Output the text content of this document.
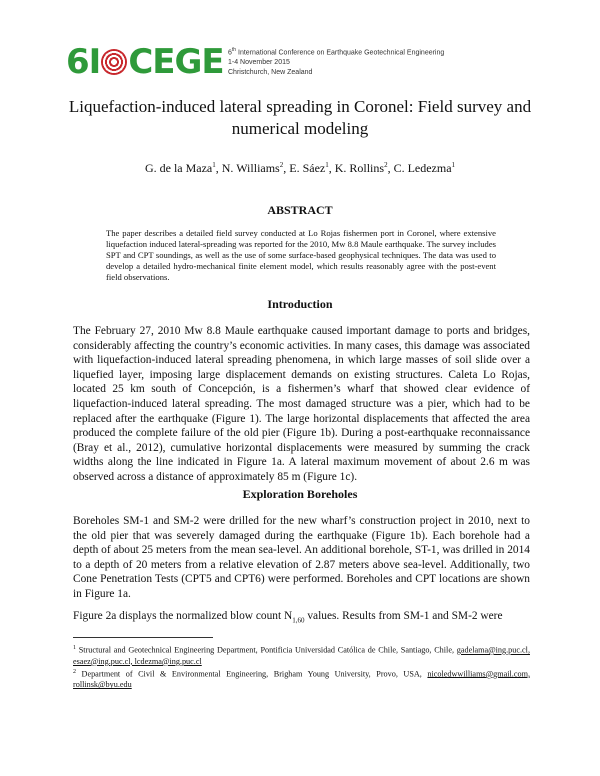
6 I CEGE 6th International Conference on Earthquake Geotechnical Engineering
1-4 November 2015
Christchurch, New Zealand
Liquefaction-induced lateral spreading in Coronel: Field survey and numerical modeling
G. de la Maza$^1$, N. Williams$^2$, E. Sáez$^1$, K. Rollins$^2$, C. Ledezma$^1$
ABSTRACT
The paper describes a detailed field survey conducted at Lo Rojas fishermen port in Coronel, where extensive liquefaction induced lateral-spreading was reported for the 2010, Mw 8.8 Maule earthquake. The survey includes SPT and CPT soundings, as well as the use of some surface-based geophysical techniques. The data was used to develop a detailed hydro-mechanical finite element model, which results reasonably agree with the post-event field observations.
Introduction

The February 27, 2010 Mw 8.8 Maule earthquake caused important damage to ports and bridges, considerably affecting the country’s economic activities. In many cases, this damage was associated with liquefaction-induced lateral spreading phenomena, in which large masses of soil slide over a liquefied layer, imposing large displacement demands on existing structures. Caleta Lo Rojas, located 25 km south of Concepción, is a fishermen’s wharf that showed clear evidence of liquefaction-induced lateral spreading. The most damaged structure was a pier, which had to be replaced after the earthquake (Figure 1). The large horizontal displacements that affected the area produced the complete failure of the old pier (Figure 1b). During a post-earthquake reconnaissance (Bray et al., 2012), cumulative horizontal displacements were measured by summing the crack widths along the line indicated in Figure 1a. A lateral maximum movement of about 2.6 m was observed across a distance of approximately 85 m (Figure 1c).

Exploration Boreholes

Boreholes SM-1 and SM-2 were drilled for the new wharf’s construction project in 2010, next to the old pier that was severely damaged during the earthquake (Figure 1b). Each borehole had a depth of about 25 meters from the mean sea-level. An additional borehole, ST-1, was drilled in 2014 to a depth of 20 meters from a relative elevation of 2.87 meters above sea-level. Additionally, two Cone Penetration Tests (CPT5 and CPT6) were performed. Boreholes and CPT locations are shown in Figure 1a.

Figure 2a displays the normalized blow count $N_{1,60}$ values. Results from SM-1 and SM-2 were

$^1$ Structural and Geotechnical Engineering Department, Pontificia Universidad Católica de Chile, Santiago, Chile, gadelama@ing.puc.cl, esaez@ing.puc.cl, lcdezma@ing.puc.cl
$^2$ Department of Civil & Environmental Engineering, Brigham Young University, Provo, USA, nicoledwwilliams@gmail.com, rollinsk@byu.edu
